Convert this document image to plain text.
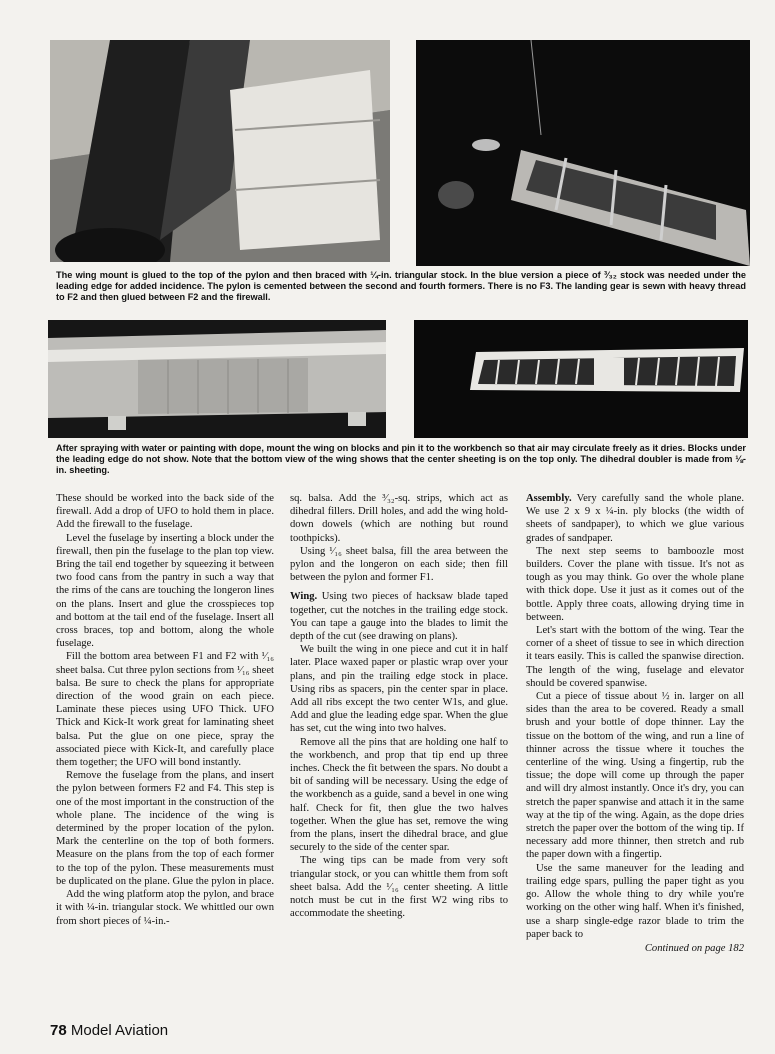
The wing mount is glued to the top of the pylon and then braced with ¼-in. triangular stock. In the blue version a piece of ³⁄₃₂ stock was needed under the leading edge for added incidence. The pylon is cemented between the second and fourth formers. There is no F3. The landing gear is sewn with heavy thread to F2 and then glued between F2 and the firewall.
After spraying with water or painting with dope, mount the wing on blocks and pin it to the workbench so that air may circulate freely as it dries. Blocks under the leading edge do not show. Note that the bottom view of the wing shows that the center sheeting is on the top only. The dihedral doubler is made from ⅛-in. sheeting.

These should be worked into the back side of the firewall. Add a drop of UFO to hold them in place. Add the firewall to the fuselage.

Level the fuselage by inserting a block under the firewall, then pin the fuselage to the plan top view. Bring the tail end together by squeezing it between two food cans from the pantry in such a way that the rims of the cans are touching the longeron lines on the plans. Insert and glue the crosspieces top and bottom at the tail end of the fuselage. Insert all cross braces, top and bottom, along the whole fuselage.

Fill the bottom area between F1 and F2 with ¹⁄₁₆ sheet balsa. Cut three pylon sections from ¹⁄₁₆ sheet balsa. Be sure to check the plans for appropriate direction of the wood grain on each piece. Laminate these pieces using UFO Thick. UFO Thick and Kick-It work great for laminating sheet balsa. Put the glue on one piece, spray the associated piece with Kick-It, and carefully place them together; the UFO will bond instantly.

Remove the fuselage from the plans, and insert the pylon between formers F2 and F4. This step is one of the most important in the construction of the whole plane. The incidence of the wing is determined by the proper location of the pylon. Mark the centerline on the top of both formers. Measure on the plans from the top of each former to the top of the pylon. These measurements must be duplicated on the plane. Glue the pylon in place.

Add the wing platform atop the pylon, and brace it with ¼-in. triangular stock. We whittled our own from short pieces of ¼-in.-

sq. balsa. Add the ³⁄₃₂-sq. strips, which act as dihedral fillers. Drill holes, and add the wing hold-down dowels (which are nothing but round toothpicks).

Using ¹⁄₁₆ sheet balsa, fill the area between the pylon and the longeron on each side; then fill between the pylon and former F1.

Wing. Using two pieces of hacksaw blade taped together, cut the notches in the trailing edge stock. You can tape a gauge into the blades to limit the depth of the cut (see drawing on plans).

We built the wing in one piece and cut it in half later. Place waxed paper or plastic wrap over your plans, and pin the trailing edge stock in place. Using ribs as spacers, pin the center spar in place. Add all ribs except the two center W1s, and glue. Add and glue the leading edge spar. When the glue has set, cut the wing into two halves.

Remove all the pins that are holding one half to the workbench, and prop that tip end up three inches. Check the fit between the spars. No doubt a bit of sanding will be necessary. Using the edge of the workbench as a guide, sand a bevel in one wing half. Check for fit, then glue the two halves together. When the glue has set, remove the wing from the plans, insert the dihedral brace, and glue securely to the side of the center spar.

The wing tips can be made from very soft triangular stock, or you can whittle them from soft sheet balsa. Add the ¹⁄₁₆ center sheeting. A little notch must be cut in the first W2 wing ribs to accommodate the sheeting.

Assembly. Very carefully sand the whole plane. We use 2 x 9 x ¼-in. ply blocks (the width of sheets of sandpaper), to which we glue various grades of sandpaper.

The next step seems to bamboozle most builders. Cover the plane with tissue. It's not as tough as you may think. Go over the whole plane with thick dope. Use it just as it comes out of the bottle. Apply three coats, allowing drying time in between.

Let's start with the bottom of the wing. Tear the corner of a sheet of tissue to see in which direction it tears easily. This is called the spanwise direction. The length of the wing, fuselage and elevator should be covered spanwise.

Cut a piece of tissue about ½ in. larger on all sides than the area to be covered. Ready a small brush and your bottle of dope thinner. Lay the tissue on the bottom of the wing, and run a line of thinner across the tissue where it touches the centerline of the wing. Using a fingertip, rub the tissue; the dope will come up through the paper and will dry almost instantly. Once it's dry, you can stretch the paper spanwise and attach it in the same way at the tip of the wing. Again, as the dope dries stretch the paper over the bottom of the wing tip. If necessary add more thinner, then stretch and rub the paper down with a fingertip.

Use the same maneuver for the leading and trailing edge spars, pulling the paper tight as you go. Allow the whole thing to dry while you're working on the other wing half. When it's finished, use a sharp single-edge razor blade to trim the paper back to

Continued on page 182
78 Model Aviation
